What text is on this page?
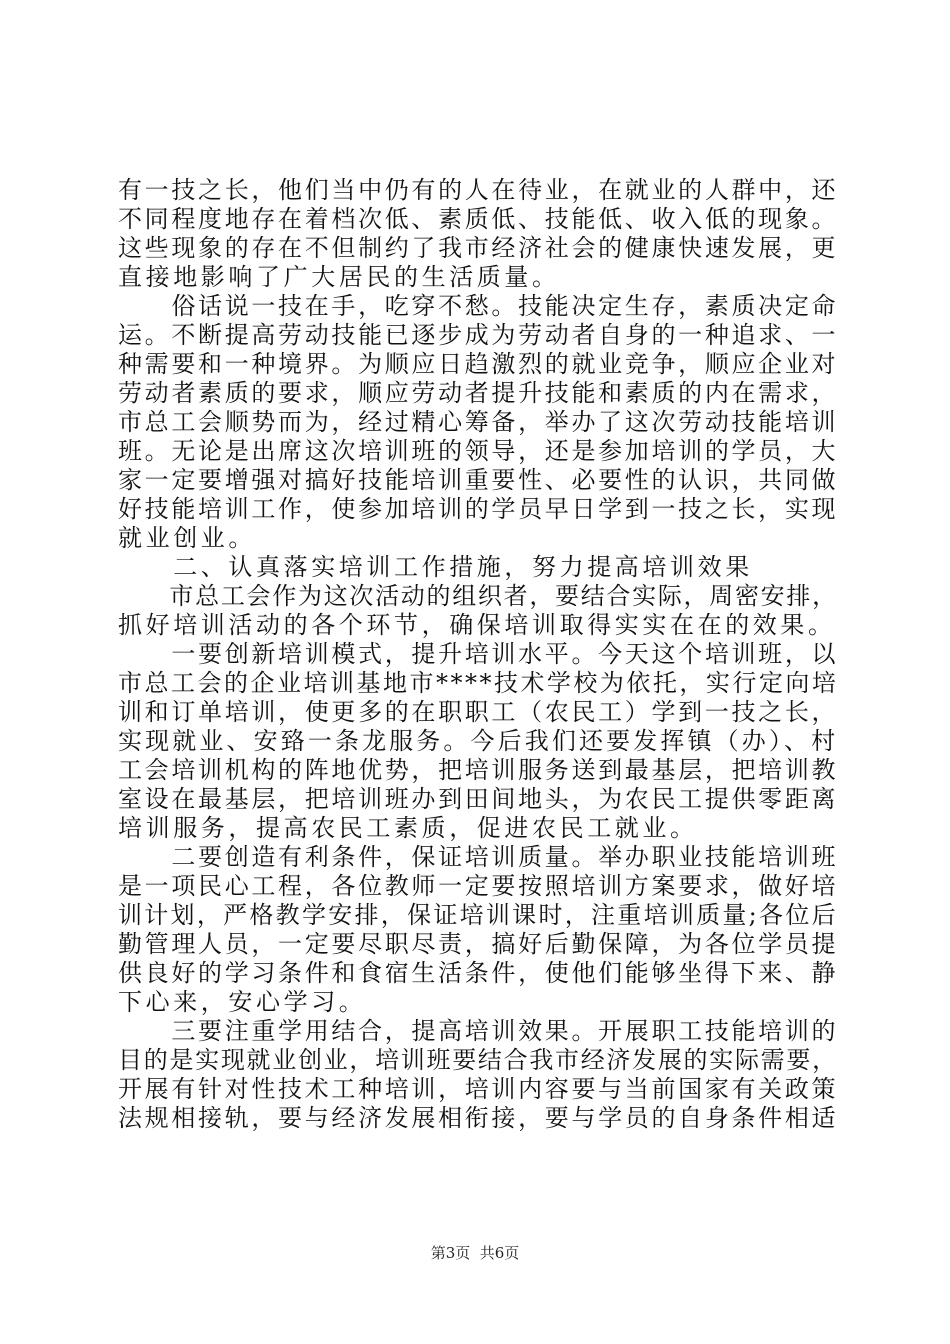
有一技之长，他们当中仍有的人在待业，在就业的人群中，还
不同程度地存在着档次低、素质低、技能低、收入低的现象。
这些现象的存在不但制约了我市经济社会的健康快速发展，更
直接地影响了广大居民的生活质量。
　　俗话说一技在手，吃穿不愁。技能决定生存，素质决定命
运。不断提高劳动技能已逐步成为劳动者自身的一种追求、一
种需要和一种境界。为顺应日趋激烈的就业竞争，顺应企业对
劳动者素质的要求，顺应劳动者提升技能和素质的内在需求，
市总工会顺势而为，经过精心筹备，举办了这次劳动技能培训
班。无论是出席这次培训班的领导，还是参加培训的学员，大
家一定要增强对搞好技能培训重要性、必要性的认识，共同做
好技能培训工作，使参加培训的学员早日学到一技之长，实现
就业创业。
　　二、认真落实培训工作措施，努力提高培训效果
　　市总工会作为这次活动的组织者，要结合实际，周密安排，
抓好培训活动的各个环节，确保培训取得实实在在的效果。
　　一要创新培训模式，提升培训水平。今天这个培训班，以
市总工会的企业培训基地市****技术学校为依托，实行定向培
训和订单培训，使更多的在职职工（农民工）学到一技之长，
实现就业、安臵一条龙服务。今后我们还要发挥镇（办）、村
工会培训机构的阵地优势，把培训服务送到最基层，把培训教
室设在最基层，把培训班办到田间地头，为农民工提供零距离
培训服务，提高农民工素质，促进农民工就业。
　　二要创造有利条件，保证培训质量。举办职业技能培训班
是一项民心工程，各位教师一定要按照培训方案要求，做好培
训计划，严格教学安排，保证培训课时，注重培训质量;各位后
勤管理人员，一定要尽职尽责，搞好后勤保障，为各位学员提
供良好的学习条件和食宿生活条件，使他们能够坐得下来、静
下心来，安心学习。
　　三要注重学用结合，提高培训效果。开展职工技能培训的
目的是实现就业创业，培训班要结合我市经济发展的实际需要，
开展有针对性技术工种培训，培训内容要与当前国家有关政策
法规相接轨，要与经济发展相衔接，要与学员的自身条件相适
第3页  共6页
